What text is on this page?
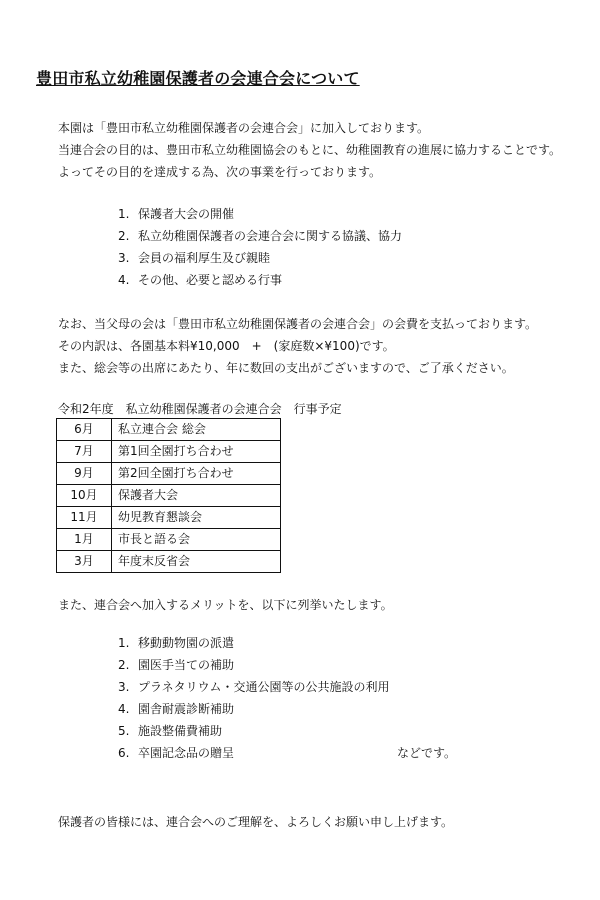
豊田市私立幼稚園保護者の会連合会について
本園は「豊田市私立幼稚園保護者の会連合会」に加入しております。
当連合会の目的は、豊田市私立幼稚園協会のもとに、幼稚園教育の進展に協力することです。
よってその目的を達成する為、次の事業を行っております。
1. 保護者大会の開催
2. 私立幼稚園保護者の会連合会に関する協議、協力
3. 会員の福利厚生及び親睦
4. その他、必要と認める行事
なお、当父母の会は「豊田市私立幼稚園保護者の会連合会」の会費を支払っております。
その内訳は、各園基本料¥10,000　+　(家庭数×¥100)です。
また、総会等の出席にあたり、年に数回の支出がございますので、ご了承ください。
令和2年度　私立幼稚園保護者の会連合会　行事予定
6月	私立連合会 総会
7月	第1回全園打ち合わせ
9月	第2回全園打ち合わせ
10月	保護者大会
11月	幼児教育懇談会
1月	市長と語る会
3月	年度末反省会
また、連合会へ加入するメリットを、以下に列挙いたします。
1. 移動動物園の派遣
2. 園医手当ての補助
3. プラネタリウム・交通公園等の公共施設の利用
4. 園舎耐震診断補助
5. 施設整備費補助
6. 卒園記念品の贈呈	などです。
保護者の皆様には、連合会へのご理解を、よろしくお願い申し上げます。
